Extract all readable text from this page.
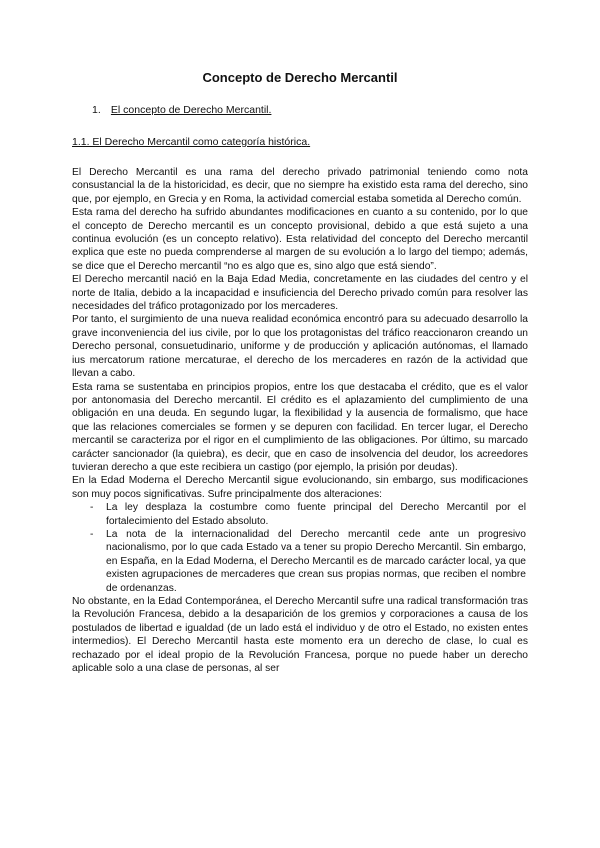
Concepto de Derecho Mercantil
1. El concepto de Derecho Mercantil.
1.1. El Derecho Mercantil como categoría histórica.

El Derecho Mercantil es una rama del derecho privado patrimonial teniendo como nota consustancial la de la historicidad, es decir, que no siempre ha existido esta rama del derecho, sino que, por ejemplo, en Grecia y en Roma, la actividad comercial estaba sometida al Derecho común.

Esta rama del derecho ha sufrido abundantes modificaciones en cuanto a su contenido, por lo que el concepto de Derecho mercantil es un concepto provisional, debido a que está sujeto a una continua evolución (es un concepto relativo). Esta relatividad del concepto del Derecho mercantil explica que este no pueda comprenderse al margen de su evolución a lo largo del tiempo; además, se dice que el Derecho mercantil “no es algo que es, sino algo que está siendo”.

El Derecho mercantil nació en la Baja Edad Media, concretamente en las ciudades del centro y el norte de Italia, debido a la incapacidad e insuficiencia del Derecho privado común para resolver las necesidades del tráfico protagonizado por los mercaderes.

Por tanto, el surgimiento de una nueva realidad económica encontró para su adecuado desarrollo la grave inconveniencia del ius civile, por lo que los protagonistas del tráfico reaccionaron creando un Derecho personal, consuetudinario, uniforme y de producción y aplicación autónomas, el llamado ius mercatorum ratione mercaturae, el derecho de los mercaderes en razón de la actividad que llevan a cabo.

Esta rama se sustentaba en principios propios, entre los que destacaba el crédito, que es el valor por antonomasia del Derecho mercantil. El crédito es el aplazamiento del cumplimiento de una obligación en una deuda. En segundo lugar, la flexibilidad y la ausencia de formalismo, que hace que las relaciones comerciales se formen y se depuren con facilidad. En tercer lugar, el Derecho mercantil se caracteriza por el rigor en el cumplimiento de las obligaciones. Por último, su marcado carácter sancionador (la quiebra), es decir, que en caso de insolvencia del deudor, los acreedores tuvieran derecho a que este recibiera un castigo (por ejemplo, la prisión por deudas).

En la Edad Moderna el Derecho Mercantil sigue evolucionando, sin embargo, sus modificaciones son muy pocos significativas. Sufre principalmente dos alteraciones:

- La ley desplaza la costumbre como fuente principal del Derecho Mercantil por el fortalecimiento del Estado absoluto.
- La nota de la internacionalidad del Derecho mercantil cede ante un progresivo nacionalismo, por lo que cada Estado va a tener su propio Derecho Mercantil. Sin embargo, en España, en la Edad Moderna, el Derecho Mercantil es de marcado carácter local, ya que existen agrupaciones de mercaderes que crean sus propias normas, que reciben el nombre de ordenanzas.

No obstante, en la Edad Contemporánea, el Derecho Mercantil sufre una radical transformación tras la Revolución Francesa, debido a la desaparición de los gremios y corporaciones a causa de los postulados de libertad e igualdad (de un lado está el individuo y de otro el Estado, no existen entes intermedios). El Derecho Mercantil hasta este momento era un derecho de clase, lo cual es rechazado por el ideal propio de la Revolución Francesa, porque no puede haber un derecho aplicable solo a una clase de personas, al ser
